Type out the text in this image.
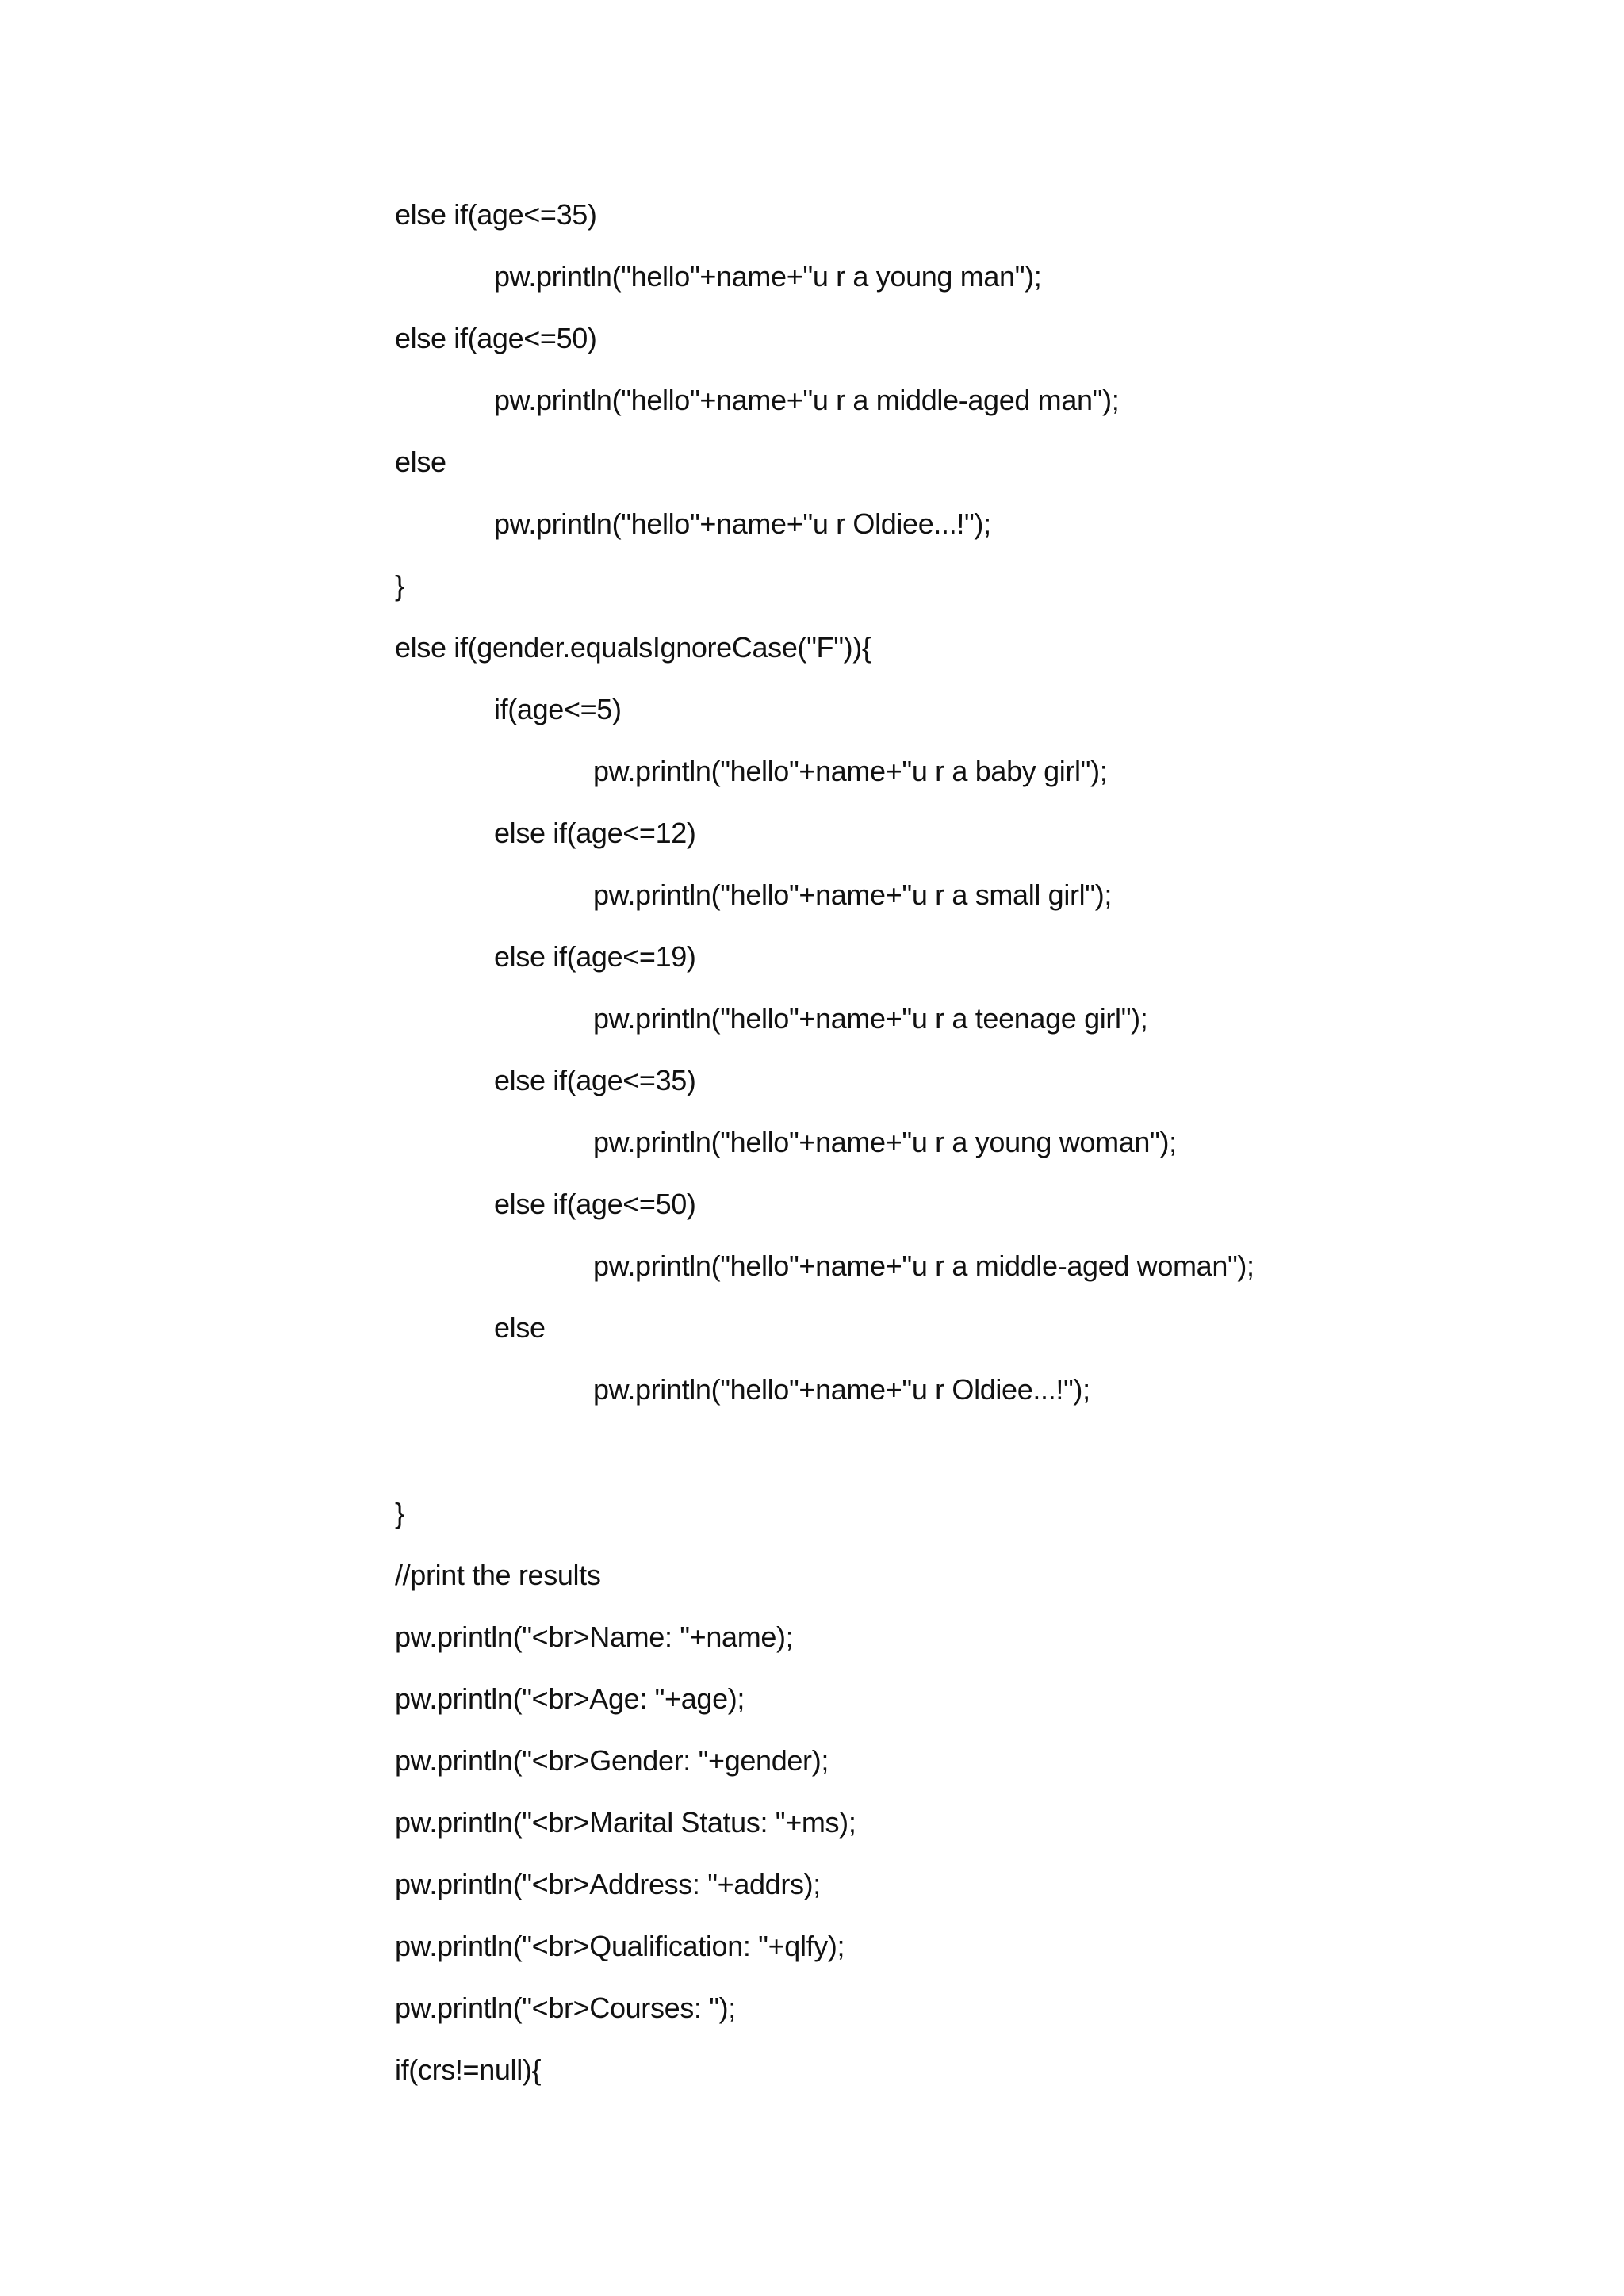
else if(age<=35)
pw.println("hello"+name+"u r a young man");
else if(age<=50)
pw.println("hello"+name+"u r a middle-aged man");
else
pw.println("hello"+name+"u r Oldiee...!");
}
else if(gender.equalsIgnoreCase("F")){
if(age<=5)
pw.println("hello"+name+"u r a baby girl");
else if(age<=12)
pw.println("hello"+name+"u r a small girl");
else if(age<=19)
pw.println("hello"+name+"u r a teenage girl");
else if(age<=35)
pw.println("hello"+name+"u r a young woman");
else if(age<=50)
pw.println("hello"+name+"u r a middle-aged woman");
else
pw.println("hello"+name+"u r Oldiee...!");
}
//print the results
pw.println("<br>Name: "+name);
pw.println("<br>Age: "+age);
pw.println("<br>Gender: "+gender);
pw.println("<br>Marital Status: "+ms);
pw.println("<br>Address: "+addrs);
pw.println("<br>Qualification: "+qlfy);
pw.println("<br>Courses: ");
if(crs!=null){
